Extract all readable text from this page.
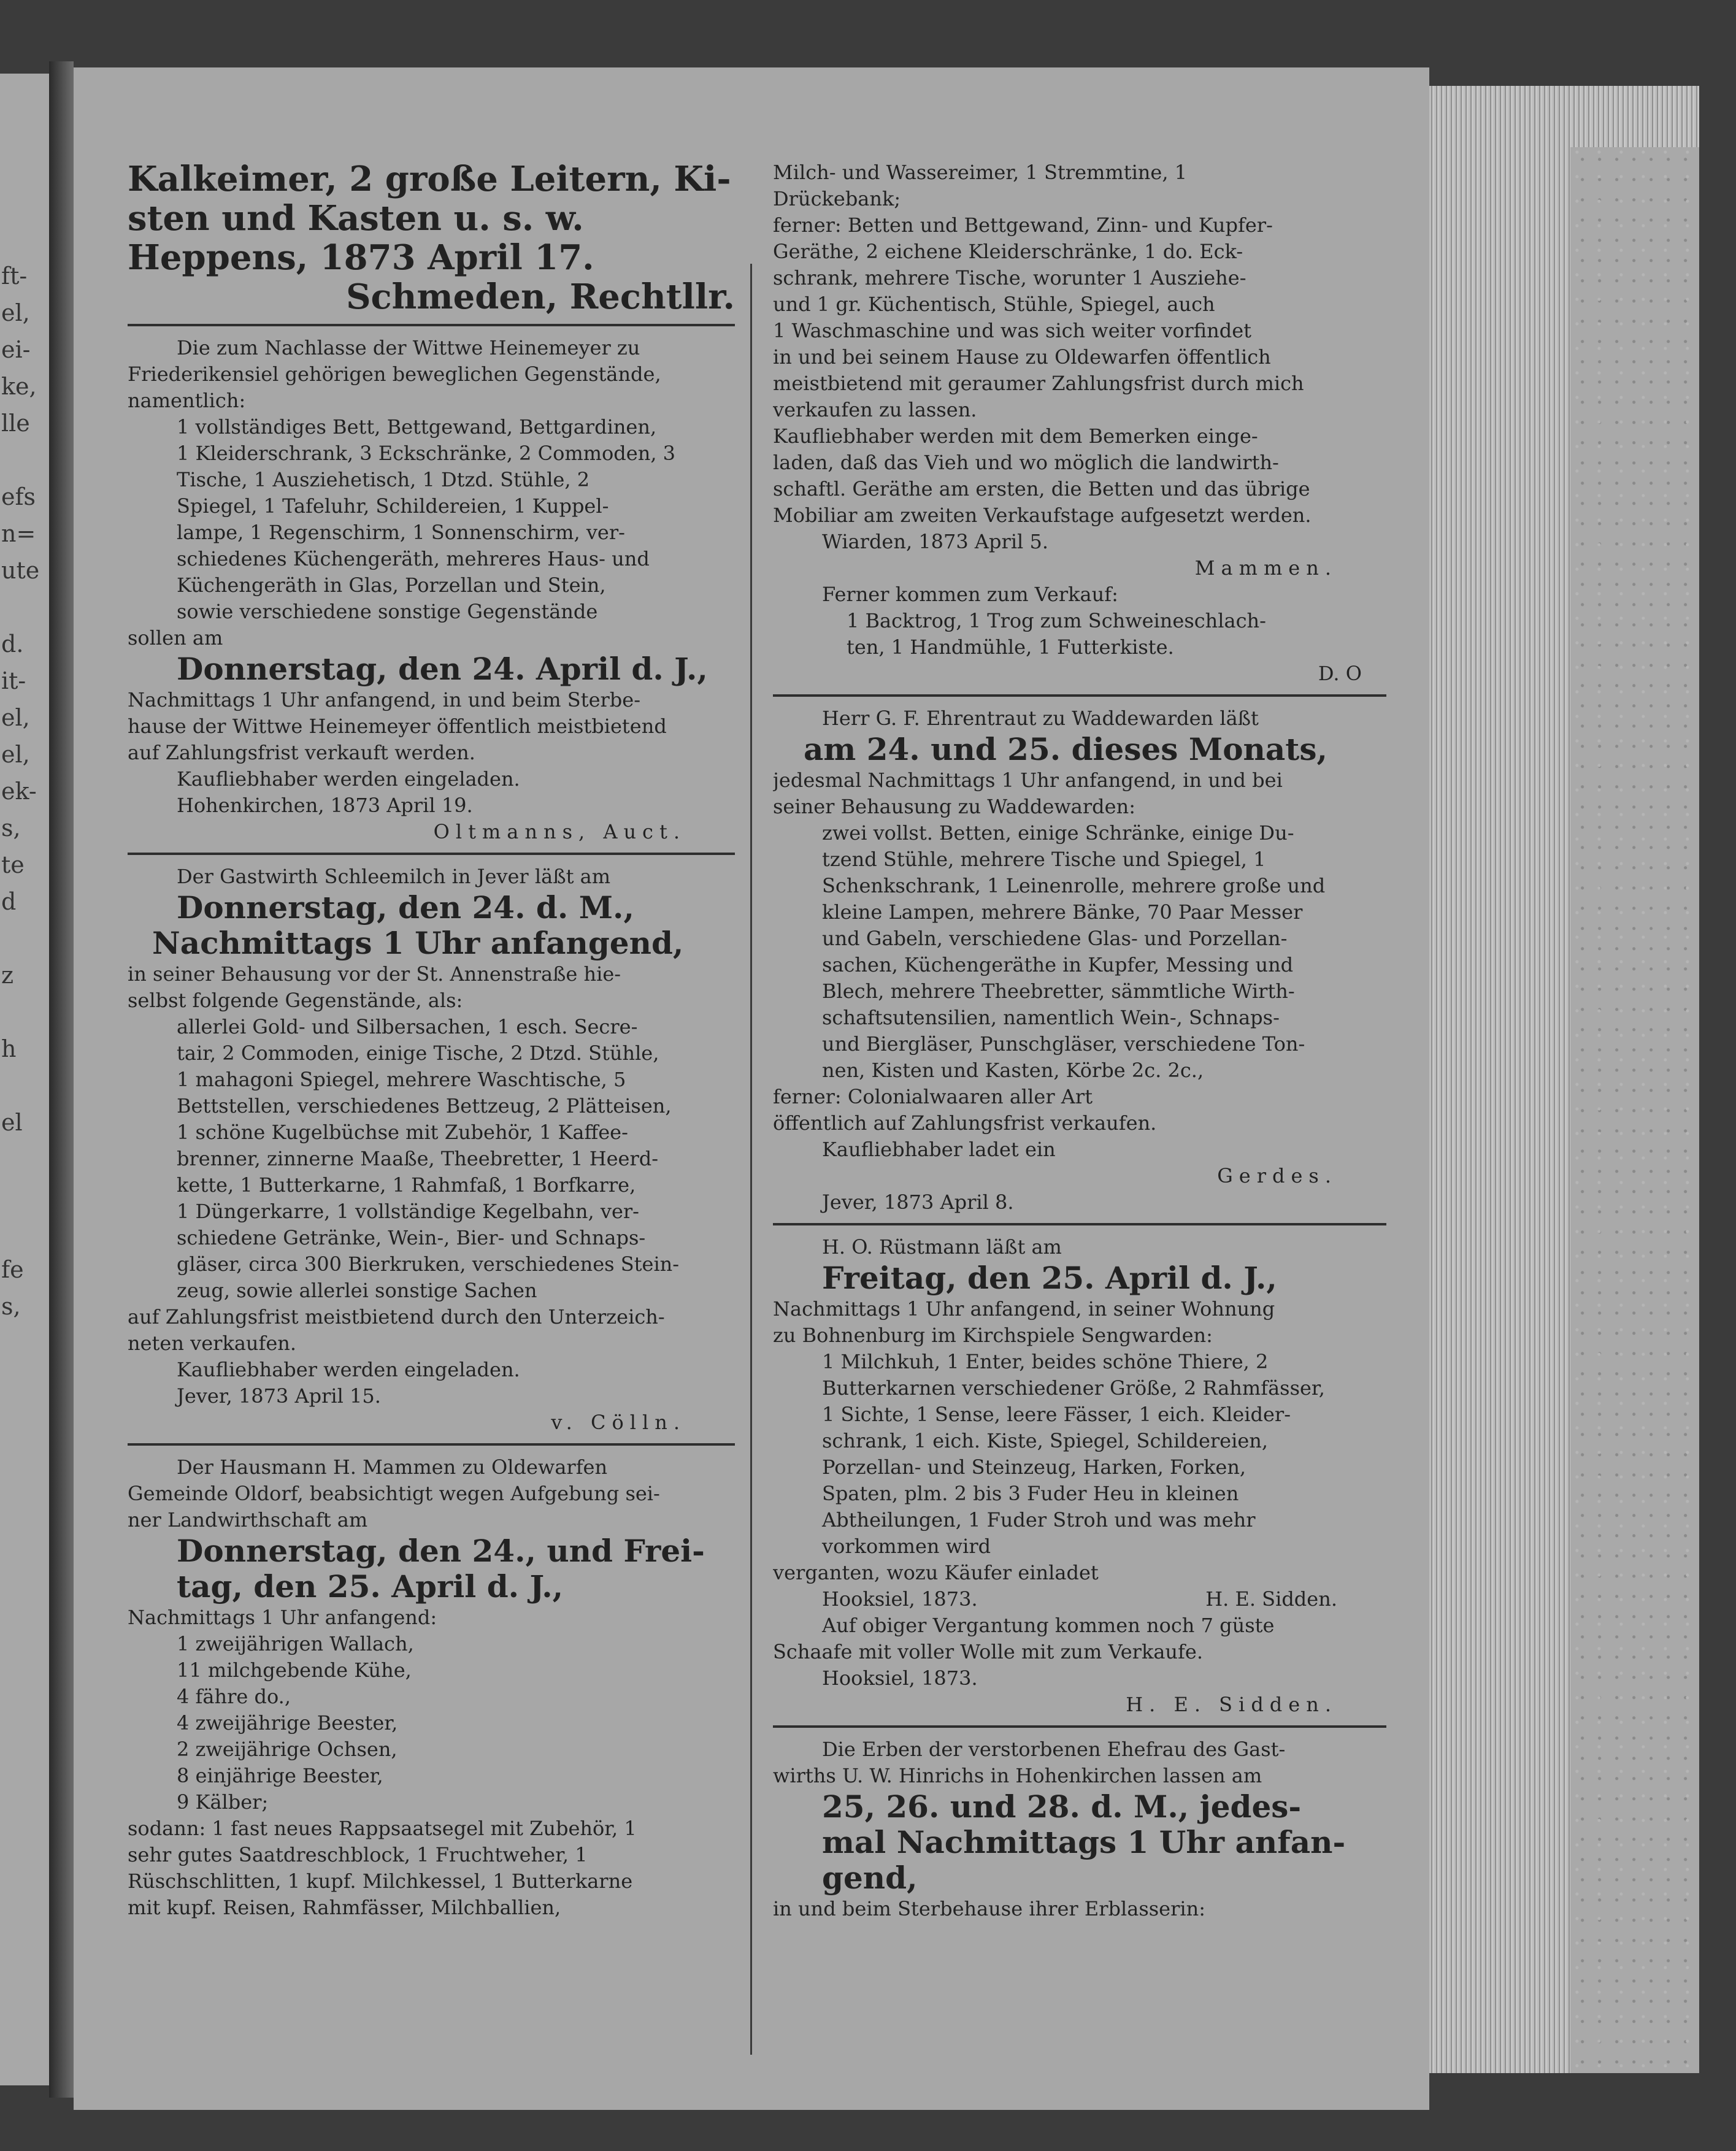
ft-
el,
ei-
ke,
lle
efs
n=
ute
d.
it-
el,
el,
ek-
s,
te
d
z
h
el
fe
s,
Kalkeimer, 2 große Leitern, Ki-
sten und Kasten u. s. w.
Heppens, 1873 April 17.
Schmeden, Rechtllr.
Die zum Nachlasse der Wittwe Heinemeyer zu
Friederikensiel gehörigen beweglichen Gegenstände,
namentlich:
1 vollständiges Bett, Bettgewand, Bettgardinen,
1 Kleiderschrank, 3 Eckschränke, 2 Commoden, 3
Tische, 1 Ausziehetisch, 1 Dtzd. Stühle, 2
Spiegel, 1 Tafeluhr, Schildereien, 1 Kuppel-
lampe, 1 Regenschirm, 1 Sonnenschirm, ver-
schiedenes Küchengeräth, mehreres Haus- und
Küchengeräth in Glas, Porzellan und Stein,
sowie verschiedene sonstige Gegenstände
sollen am
Donnerstag, den 24. April d. J.,
Nachmittags 1 Uhr anfangend, in und beim Sterbe-
hause der Wittwe Heinemeyer öffentlich meistbietend
auf Zahlungsfrist verkauft werden.
Kaufliebhaber werden eingeladen.
Hohenkirchen, 1873 April 19.
Oltmanns, Auct.
Der Gastwirth Schleemilch in Jever läßt am
Donnerstag, den 24. d. M.,
Nachmittags 1 Uhr anfangend,
in seiner Behausung vor der St. Annenstraße hie-
selbst folgende Gegenstände, als:
allerlei Gold- und Silbersachen, 1 esch. Secre-
tair, 2 Commoden, einige Tische, 2 Dtzd. Stühle,
1 mahagoni Spiegel, mehrere Waschtische, 5
Bettstellen, verschiedenes Bettzeug, 2 Plätteisen,
1 schöne Kugelbüchse mit Zubehör, 1 Kaffee-
brenner, zinnerne Maaße, Theebretter, 1 Heerd-
kette, 1 Butterkarne, 1 Rahmfaß, 1 Borfkarre,
1 Düngerkarre, 1 vollständige Kegelbahn, ver-
schiedene Getränke, Wein-, Bier- und Schnaps-
gläser, circa 300 Bierkruken, verschiedenes Stein-
zeug, sowie allerlei sonstige Sachen
auf Zahlungsfrist meistbietend durch den Unterzeich-
neten verkaufen.
Kaufliebhaber werden eingeladen.
Jever, 1873 April 15.
v. Cölln.
Der Hausmann H. Mammen zu Oldewarfen
Gemeinde Oldorf, beabsichtigt wegen Aufgebung sei-
ner Landwirthschaft am
Donnerstag, den 24., und Frei-
tag, den 25. April d. J.,
Nachmittags 1 Uhr anfangend:
1 zweijährigen Wallach,
11 milchgebende Kühe,
4 fähre do.,
4 zweijährige Beester,
2 zweijährige Ochsen,
8 einjährige Beester,
9 Kälber;
sodann: 1 fast neues Rappsaatsegel mit Zubehör, 1
sehr gutes Saatdreschblock, 1 Fruchtweher, 1
Rüschschlitten, 1 kupf. Milchkessel, 1 Butterkarne
mit kupf. Reisen, Rahmfässer, Milchballien,
Milch- und Wassereimer, 1 Stremmtine, 1
Drückebank;
ferner: Betten und Bettgewand, Zinn- und Kupfer-
Geräthe, 2 eichene Kleiderschränke, 1 do. Eck-
schrank, mehrere Tische, worunter 1 Ausziehe-
und 1 gr. Küchentisch, Stühle, Spiegel, auch
1 Waschmaschine und was sich weiter vorfindet
in und bei seinem Hause zu Oldewarfen öffentlich
meistbietend mit geraumer Zahlungsfrist durch mich
verkaufen zu lassen.
Kaufliebhaber werden mit dem Bemerken einge-
laden, daß das Vieh und wo möglich die landwirth-
schaftl. Geräthe am ersten, die Betten und das übrige
Mobiliar am zweiten Verkaufstage aufgesetzt werden.
Wiarden, 1873 April 5.
Mammen.
Ferner kommen zum Verkauf:
1 Backtrog, 1 Trog zum Schweineschlach-
ten, 1 Handmühle, 1 Futterkiste.
D. O
Herr G. F. Ehrentraut zu Waddewarden läßt
am 24. und 25. dieses Monats,
jedesmal Nachmittags 1 Uhr anfangend, in und bei
seiner Behausung zu Waddewarden:
zwei vollst. Betten, einige Schränke, einige Du-
tzend Stühle, mehrere Tische und Spiegel, 1
Schenkschrank, 1 Leinenrolle, mehrere große und
kleine Lampen, mehrere Bänke, 70 Paar Messer
und Gabeln, verschiedene Glas- und Porzellan-
sachen, Küchengeräthe in Kupfer, Messing und
Blech, mehrere Theebretter, sämmtliche Wirth-
schaftsutensilien, namentlich Wein-, Schnaps-
und Biergläser, Punschgläser, verschiedene Ton-
nen, Kisten und Kasten, Körbe 2c. 2c.,
ferner: Colonialwaaren aller Art
öffentlich auf Zahlungsfrist verkaufen.
Kaufliebhaber ladet ein
Gerdes.
Jever, 1873 April 8.
H. O. Rüstmann läßt am
Freitag, den 25. April d. J.,
Nachmittags 1 Uhr anfangend, in seiner Wohnung
zu Bohnenburg im Kirchspiele Sengwarden:
1 Milchkuh, 1 Enter, beides schöne Thiere, 2
Butterkarnen verschiedener Größe, 2 Rahmfässer,
1 Sichte, 1 Sense, leere Fässer, 1 eich. Kleider-
schrank, 1 eich. Kiste, Spiegel, Schildereien,
Porzellan- und Steinzeug, Harken, Forken,
Spaten, plm. 2 bis 3 Fuder Heu in kleinen
Abtheilungen, 1 Fuder Stroh und was mehr
vorkommen wird
verganten, wozu Käufer einladet
Hooksiel, 1873.	H. E. Sidden.
Auf obiger Vergantung kommen noch 7 güste
Schaafe mit voller Wolle mit zum Verkaufe.
Hooksiel, 1873.
H. E. Sidden.
Die Erben der verstorbenen Ehefrau des Gast-
wirths U. W. Hinrichs in Hohenkirchen lassen am
25, 26. und 28. d. M., jedes-
mal Nachmittags 1 Uhr anfan-
gend,
in und beim Sterbehause ihrer Erblasserin:
